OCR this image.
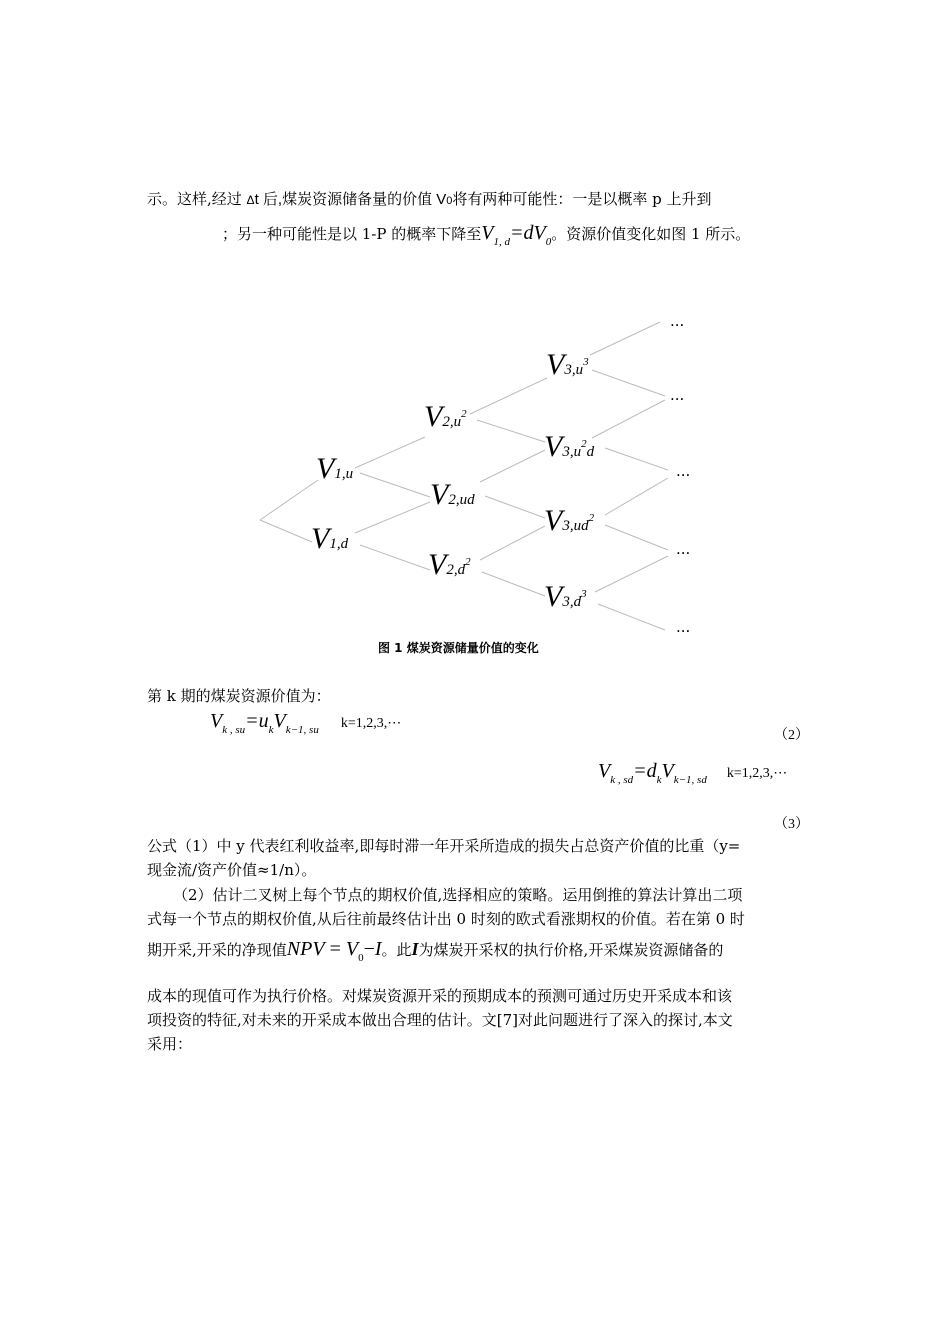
示。这样,经过 Δt 后,煤炭资源储备量的价值 V0将有两种可能性：一是以概率 p 上升到
；另一种可能性是以 1-P 的概率下降至$V_{1, d}=dV_0$。资源价值变化如图 1 所示。
V1,u
V1,d
$V2,u^2$
V2,ud
$V2,d^2$
$V3,u^3$
$V3,u^2d$
$V3,ud^2$
$V3,d^3$
...
...
...
...
...
图 1 煤炭资源储量价值的变化
第 k 期的煤炭资源价值为：
$V_{k , su}=u_kV_{k-1, su}$ k=1,2,3,⋯
（2）
$V_{k , sd}=d_kV_{k-1, sd}$ k=1,2,3,⋯
（3）
公式（1）中 y 代表红利收益率,即每时滞一年开采所造成的损失占总资产价值的比重（y=
现金流/资产价值≈1/n）。
（2）估计二叉树上每个节点的期权价值,选择相应的策略。运用倒推的算法计算出二项
式每一个节点的期权价值,从后往前最终估计出 0 时刻的欧式看涨期权的价值。若在第 0 时
期开采,开采的净现值NPV = $V_0-I$。此I为煤炭开采权的执行价格,开采煤炭资源储备的
成本的现值可作为执行价格。对煤炭资源开采的预期成本的预测可通过历史开采成本和该
项投资的特征,对未来的开采成本做出合理的估计。文[7]对此问题进行了深入的探讨,本文
采用：
